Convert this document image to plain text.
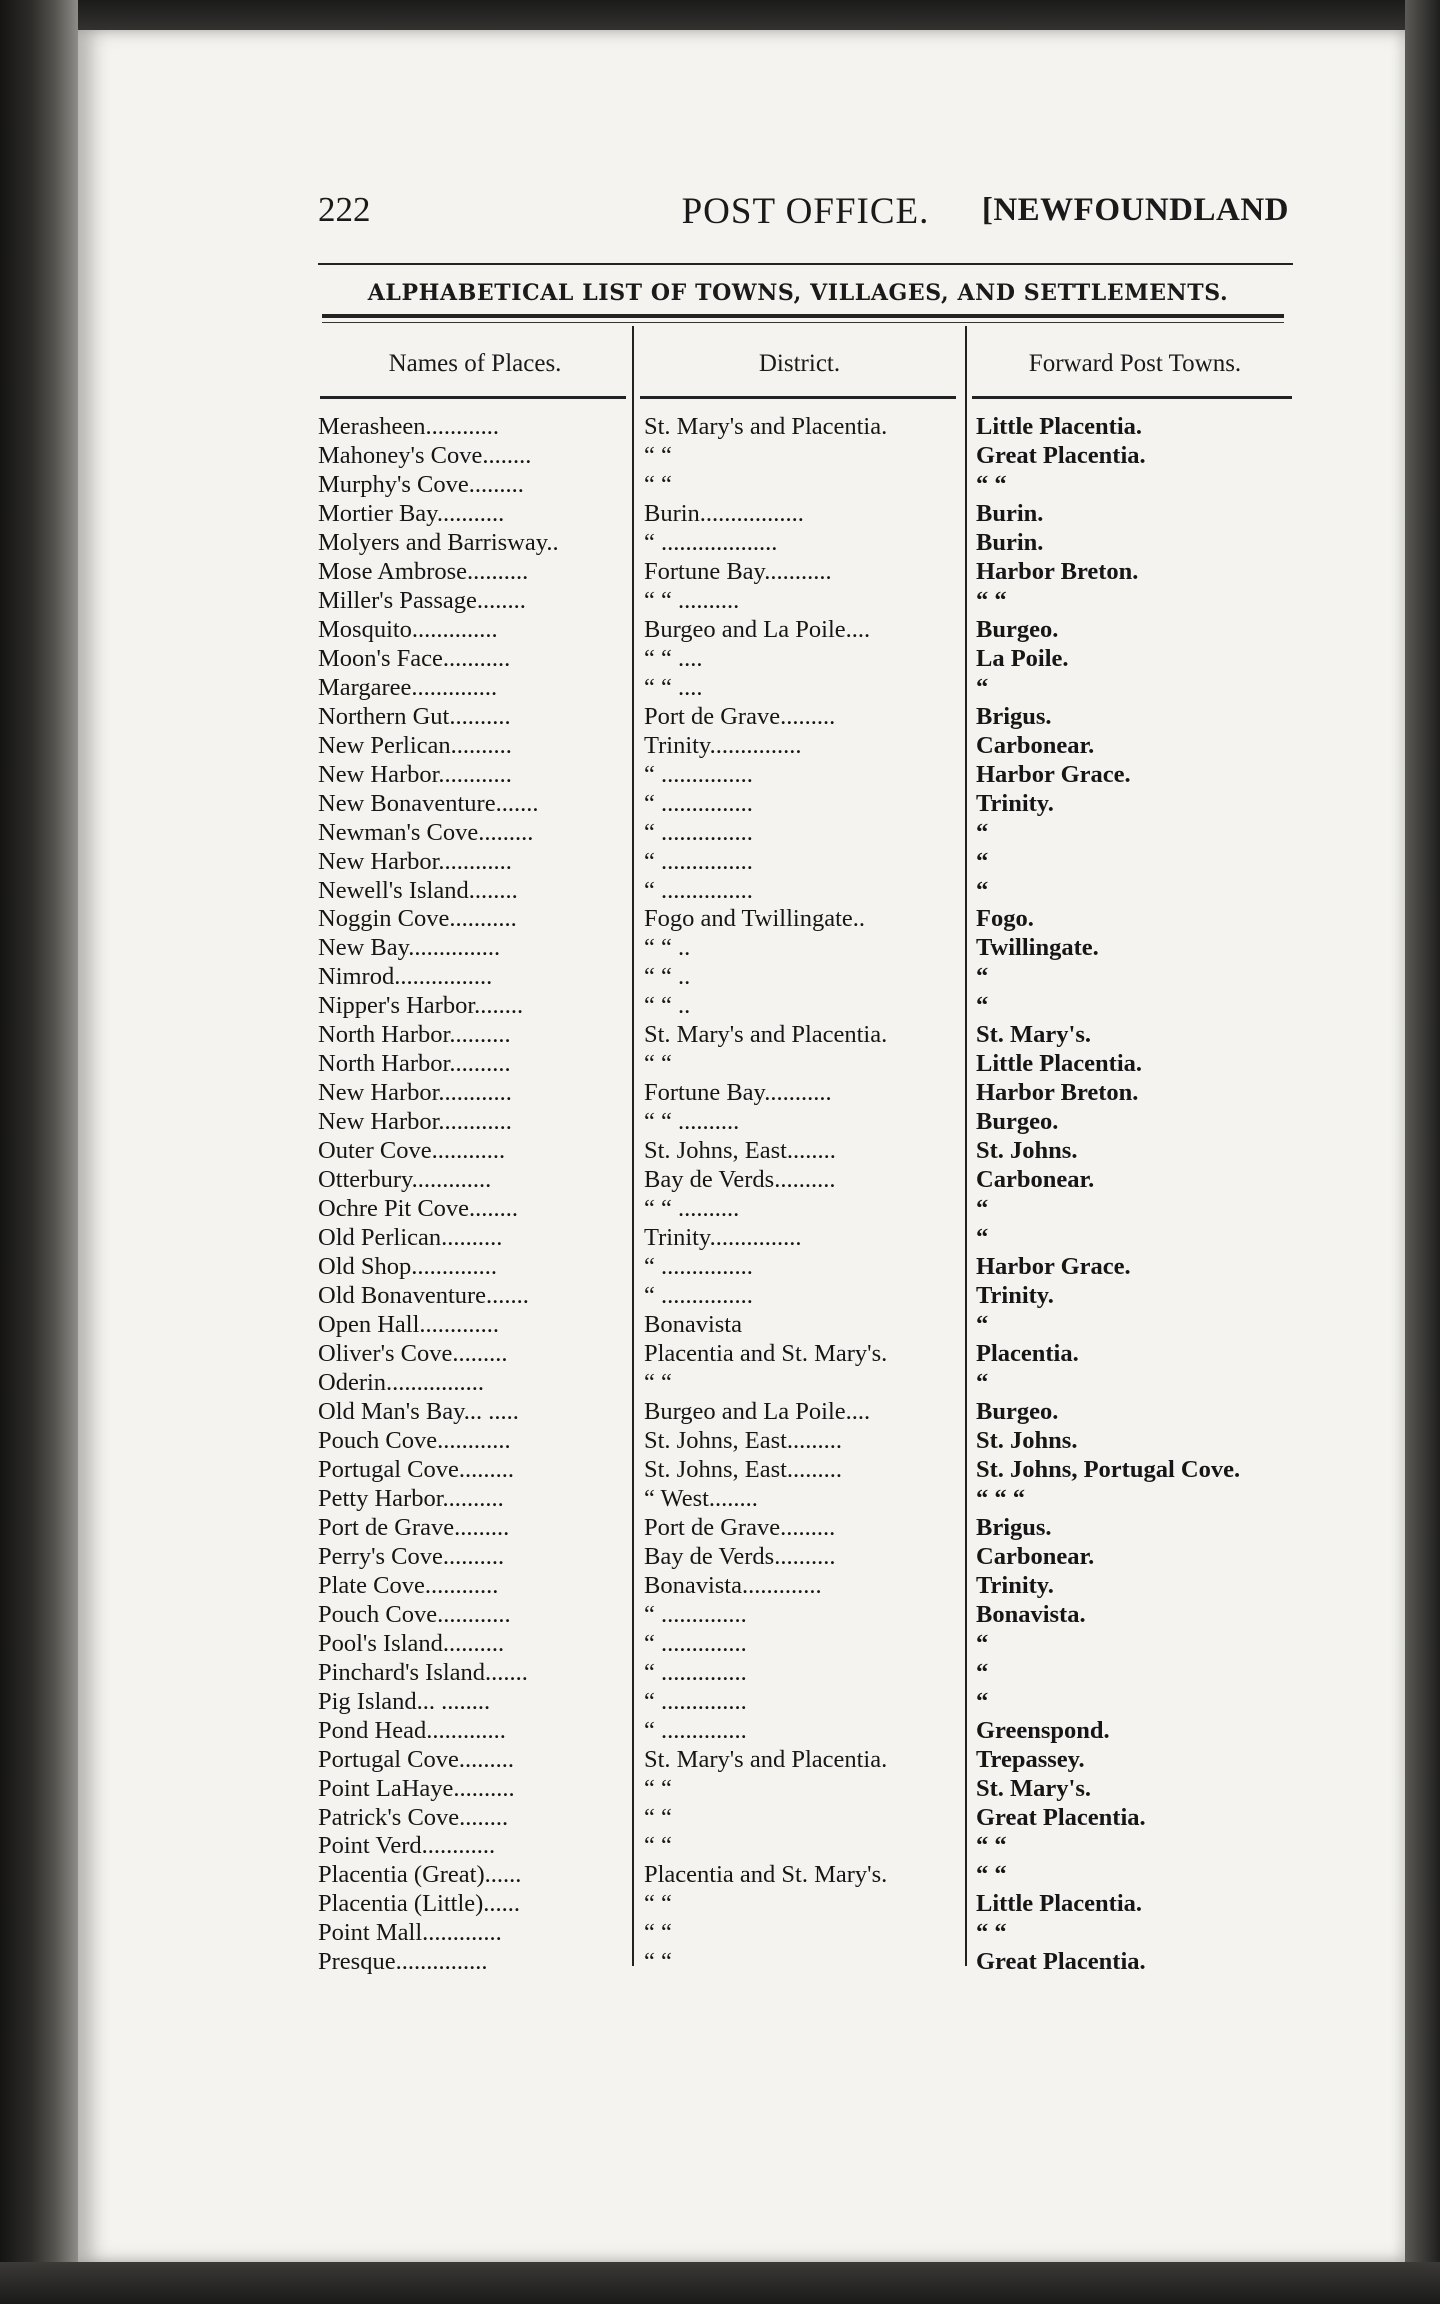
222	POST OFFICE.	[NEWFOUNDLAND
ALPHABETICAL LIST OF TOWNS, VILLAGES, AND SETTLEMENTS.
Names of Places.	District.	Forward Post Towns.
Merasheen............	St. Mary's and Placentia.	Little Placentia.
Mahoney's Cove........	“ “	Great Placentia.
Murphy's Cove.........	“ “	“ “
Mortier Bay...........	Burin.................	Burin.
Molyers and Barrisway..	“ ...................	Burin.
Mose Ambrose..........	Fortune Bay...........	Harbor Breton.
Miller's Passage........	“ “ ..........	“ “
Mosquito..............	Burgeo and La Poile....	Burgeo.
Moon's Face...........	“ “ ....	La Poile.
Margaree..............	“ “ ....	“
Northern Gut..........	Port de Grave.........	Brigus.
New Perlican..........	Trinity...............	Carbonear.
New Harbor............	“ ...............	Harbor Grace.
New Bonaventure.......	“ ...............	Trinity.
Newman's Cove.........	“ ...............	“
New Harbor............	“ ...............	“
Newell's Island........	“ ...............	“
Noggin Cove...........	Fogo and Twillingate..	Fogo.
New Bay...............	“ “ ..	Twillingate.
Nimrod................	“ “ ..	“
Nipper's Harbor........	“ “ ..	“
North Harbor..........	St. Mary's and Placentia.	St. Mary's.
North Harbor..........	“ “	Little Placentia.
New Harbor............	Fortune Bay...........	Harbor Breton.
New Harbor............	“ “ ..........	Burgeo.
Outer Cove............	St. Johns, East........	St. Johns.
Otterbury.............	Bay de Verds..........	Carbonear.
Ochre Pit Cove........	“ “ ..........	“
Old Perlican..........	Trinity...............	“
Old Shop..............	“ ...............	Harbor Grace.
Old Bonaventure.......	“ ...............	Trinity.
Open Hall.............	Bonavista	“
Oliver's Cove.........	Placentia and St. Mary's.	Placentia.
Oderin................	“ “	“
Old Man's Bay... .....	Burgeo and La Poile....	Burgeo.
Pouch Cove............	St. Johns, East.........	St. Johns.
Portugal Cove.........	St. Johns, East.........	St. Johns, Portugal Cove.
Petty Harbor..........	“ West........	“ “ “
Port de Grave.........	Port de Grave.........	Brigus.
Perry's Cove..........	Bay de Verds..........	Carbonear.
Plate Cove............	Bonavista.............	Trinity.
Pouch Cove............	“ ..............	Bonavista.
Pool's Island..........	“ ..............	“
Pinchard's Island.......	“ ..............	“
Pig Island... ........	“ ..............	“
Pond Head.............	“ ..............	Greenspond.
Portugal Cove.........	St. Mary's and Placentia.	Trepassey.
Point LaHaye..........	“ “	St. Mary's.
Patrick's Cove........	“ “	Great Placentia.
Point Verd............	“ “	“ “
Placentia (Great)......	Placentia and St. Mary's.	“ “
Placentia (Little)......	“ “	Little Placentia.
Point Mall.............	“ “	“ “
Presque...............	“ “	Great Placentia.
